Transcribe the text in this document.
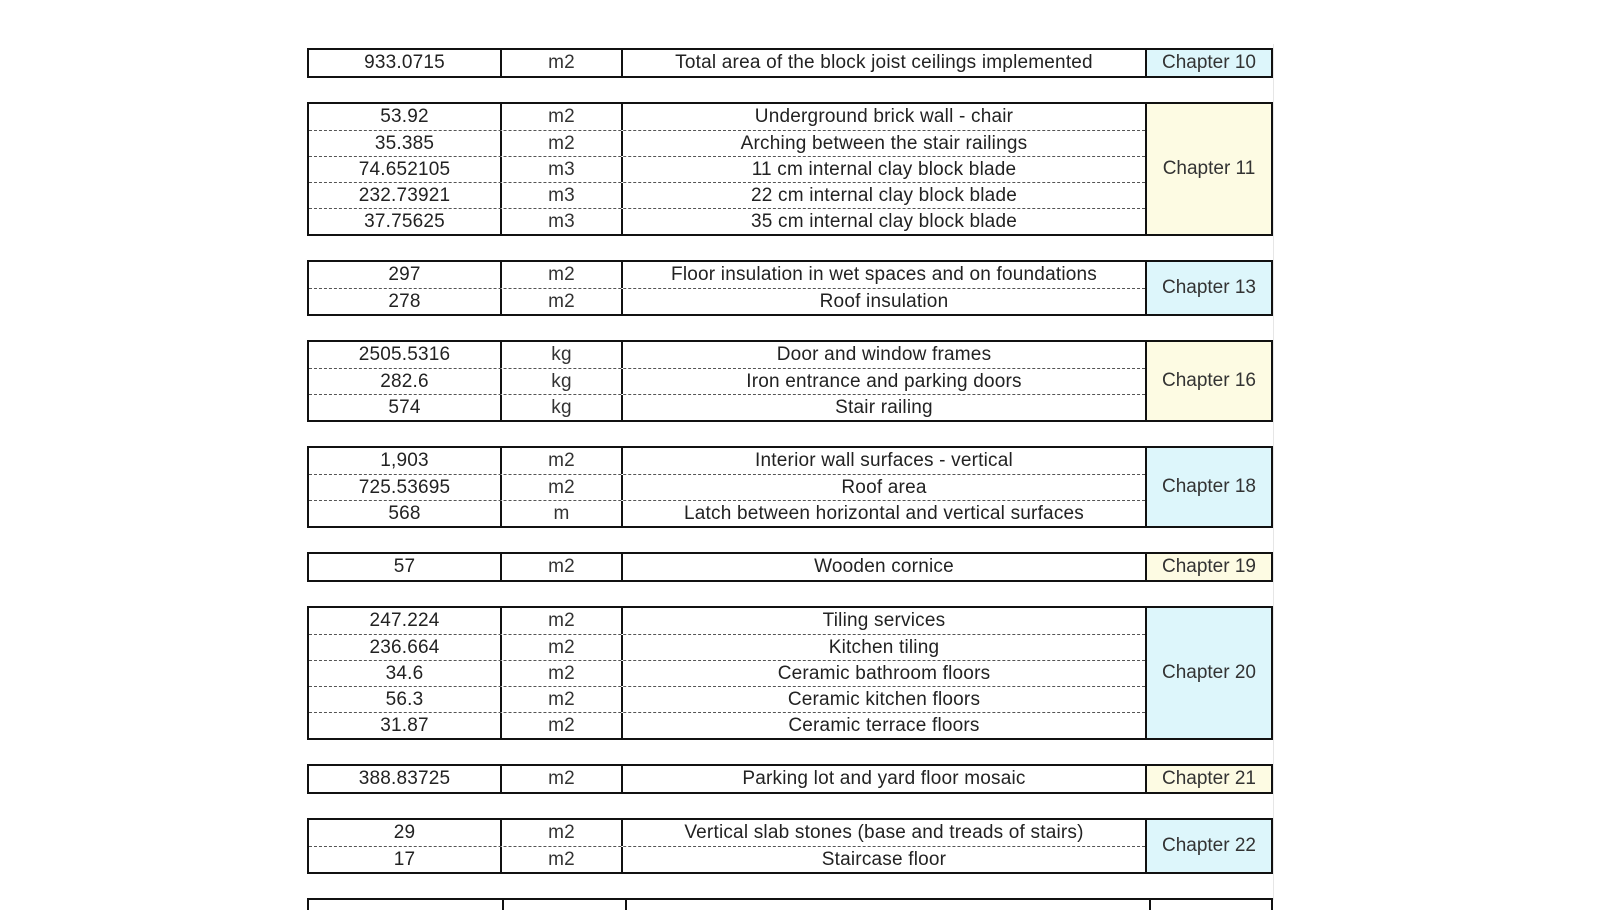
933.0715	m2	Total area of the block joist ceilings implemented	Chapter 10
53.92	m2	Underground brick wall - chair
35.385	m2	Arching between the stair railings
74.652105	m3	11 cm internal clay block blade
232.73921	m3	22 cm internal clay block blade
37.75625	m3	35 cm internal clay block blade
Chapter 11
297	m2	Floor insulation in wet spaces and on foundations
278	m2	Roof insulation
Chapter 13
2505.5316	kg	Door and window frames
282.6	kg	Iron entrance and parking doors
574	kg	Stair railing
Chapter 16
1,903	m2	Interior wall surfaces - vertical
725.53695	m2	Roof area
568	m	Latch between horizontal and vertical surfaces
Chapter 18
57	m2	Wooden cornice	Chapter 19
247.224	m2	Tiling services
236.664	m2	Kitchen tiling
34.6	m2	Ceramic bathroom floors
56.3	m2	Ceramic kitchen floors
31.87	m2	Ceramic terrace floors
Chapter 20
388.83725	m2	Parking lot and yard floor mosaic	Chapter 21
29	m2	Vertical slab stones (base and treads of stairs)
17	m2	Staircase floor
Chapter 22
